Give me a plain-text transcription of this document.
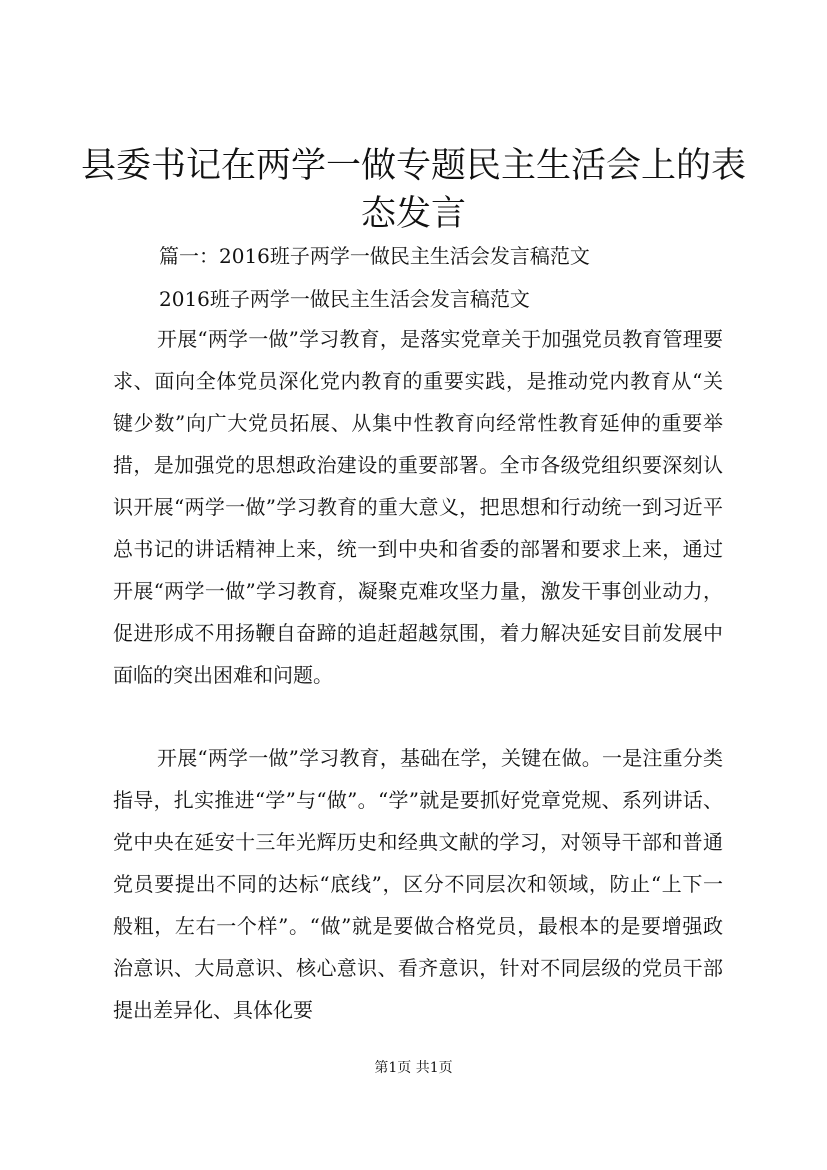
县委书记在两学一做专题民主生活会上的表态发言
篇一：2016班子两学一做民主生活会发言稿范文
2016班子两学一做民主生活会发言稿范文

开展“两学一做”学习教育，是落实党章关于加强党员教育管理要求、面向全体党员深化党内教育的重要实践，是推动党内教育从“关键少数”向广大党员拓展、从集中性教育向经常性教育延伸的重要举措，是加强党的思想政治建设的重要部署。全市各级党组织要深刻认识开展“两学一做”学习教育的重大意义，把思想和行动统一到习近平总书记的讲话精神上来，统一到中央和省委的部署和要求上来，通过开展“两学一做”学习教育，凝聚克难攻坚力量，激发干事创业动力，促进形成不用扬鞭自奋蹄的追赶超越氛围，着力解决延安目前发展中面临的突出困难和问题。

开展“两学一做”学习教育，基础在学，关键在做。一是注重分类指导，扎实推进“学”与“做”。“学”就是要抓好党章党规、系列讲话、党中央在延安十三年光辉历史和经典文献的学习，对领导干部和普通党员要提出不同的达标“底线”，区分不同层次和领域，防止“上下一般粗，左右一个样”。“做”就是要做合格党员，最根本的是要增强政治意识、大局意识、核心意识、看齐意识，针对不同层级的党员干部提出差异化、具体化要

第1页 共1页
